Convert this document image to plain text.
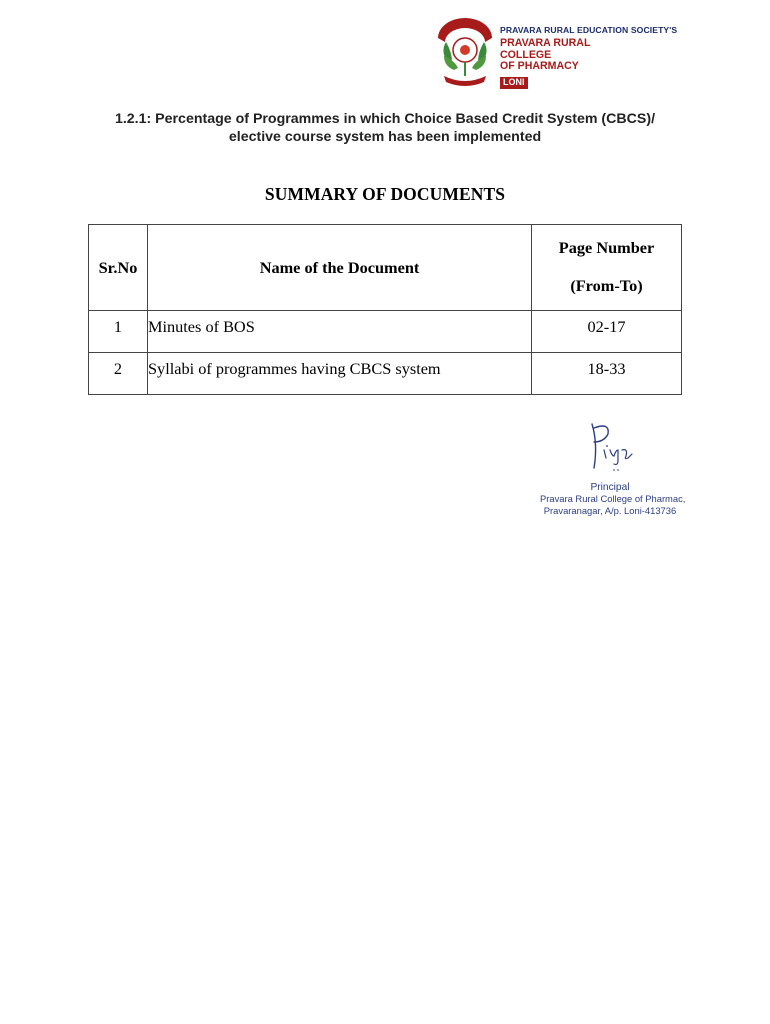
PRAVARA RURAL EDUCATION SOCIETY'S
PRAVARA RURAL COLLEGE
OF PHARMACY
LONI
1.2.1: Percentage of Programmes in which Choice Based Credit System (CBCS)/
elective course system has been implemented
SUMMARY OF DOCUMENTS
Sr.No	Name of the Document	Page Number
(From-To)

1	Minutes of BOS	02-17
2	Syllabi of programmes having CBCS system	18-33
Principal
Pravara Rural College of Pharmac,
Pravaranagar, A/p. Loni-413736
